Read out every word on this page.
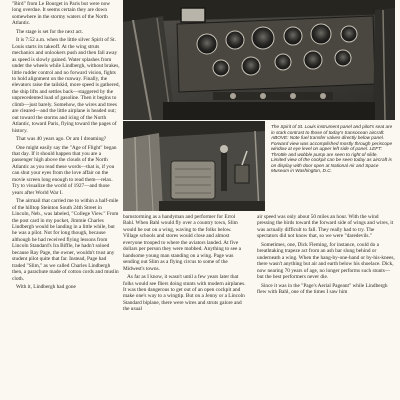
"Bird" from Le Bourget in Paris but were now long overdue. It seems certain they are down somewhere in the stormy waters of the North Atlantic.

The stage is set for the next act.

It is 7:52 a.m. when the little silver Spirit of St. Louis starts its takeoff. At the wing struts mechanics and onlookers push and then fall away as speed is slowly gained. Water splashes from under the wheels while Lindbergh, without brakes, little rudder control and no forward vision, fights to hold alignment on the runway. Finally, the elevators raise the tailskid, more speed is gathered, the ship lifts and settles back—staggered by the unprecedented load of gasoline. Then it begins to climb—just barely. Somehow, the wires and trees are cleared—and the little airplane is headed out; out toward the storms and icing of the North Atlantic, toward Paris, flying toward the pages of history.

That was 40 years ago. Or am I dreaming?

One might easily say the "Age of Flight" began that day. If it should happen that you are a passenger high above the clouds of the North Atlantic as you read these words—that is, if you can shut your eyes from the love affair on the movie screen long enough to read them—relax. Try to visualize the world of 1927—and those years after World War I.

The airmail that carried me to within a half-mile of the hilltop Steinton South 24th Street in Lincoln, Neb., was labeled, "College View." From the post card in my pocket, Jimmie Charles Lindbergh would be landing in a little while, but he was a pilot. Not for long though, because although he had received flying lessons from Lincoln Standard's Ira Biffle, he hadn't soloed because Ray Page, the owner, wouldn't trust any student pilot quite that far. Instead, Page had traded "Slim," as we called Charles Lindbergh then, a parachute made of cotton cords and muslin cloth.

With it, Lindbergh had gone

The Spirit of St. Louis instrument panel and pilot's seat are in stark contrast to those of today's transocean aircraft. ABOVE: Note fuel transfer valves directly below panel. Forward view was accomplished mostly through periscope window at eye level on upper left side of panel. LEFT: Throttle and wobble pump are seen to right of slide. Limited view of the cockpit can be seen today as aircraft is on display with door open at National Air and Space Museum in Washington, D.C.

barnstorming as a handyman and performer for Errol Bahl. When Bahl would fly over a country town, Slim would be out on a wing, waving to the folks below. Village schools and stores would close and almost everyone trooped to where the aviators landed. At five dollars per person they were mobbed. Anything to see a handsome young man standing on a wing. Page was sending out Slim as a flying circus to some of the Midwest's towns.

As far as I know, it wasn't until a few years later that folks would see fliers doing stunts with modern airplanes. It was then dangerous to get out of an open cockpit and make one's way to a wingtip. But on a Jenny or a Lincoln Standard biplane, there were wires and struts galore and the usual

air speed was only about 50 miles an hour. With the wind pressing the birds toward the forward side of wings and wires, it was actually difficult to fall. They really had to try. The spectators did not know that, so we were "daredevils."

Sometimes, one, Dick Fleming, for instance, could do a breathtaking trapeze act from an ash bar slung behind or underneath a wing. When the hang-by-one-hand or by-his-knees, there wasn't anything but air and earth below his shoelace. Dick, now nearing 70 years of age, no longer performs such stunts—but the best performers never die.

Since it was in the "Page's Aerial Pageant" while Lindbergh flew with Bahl, one of the times I saw him
